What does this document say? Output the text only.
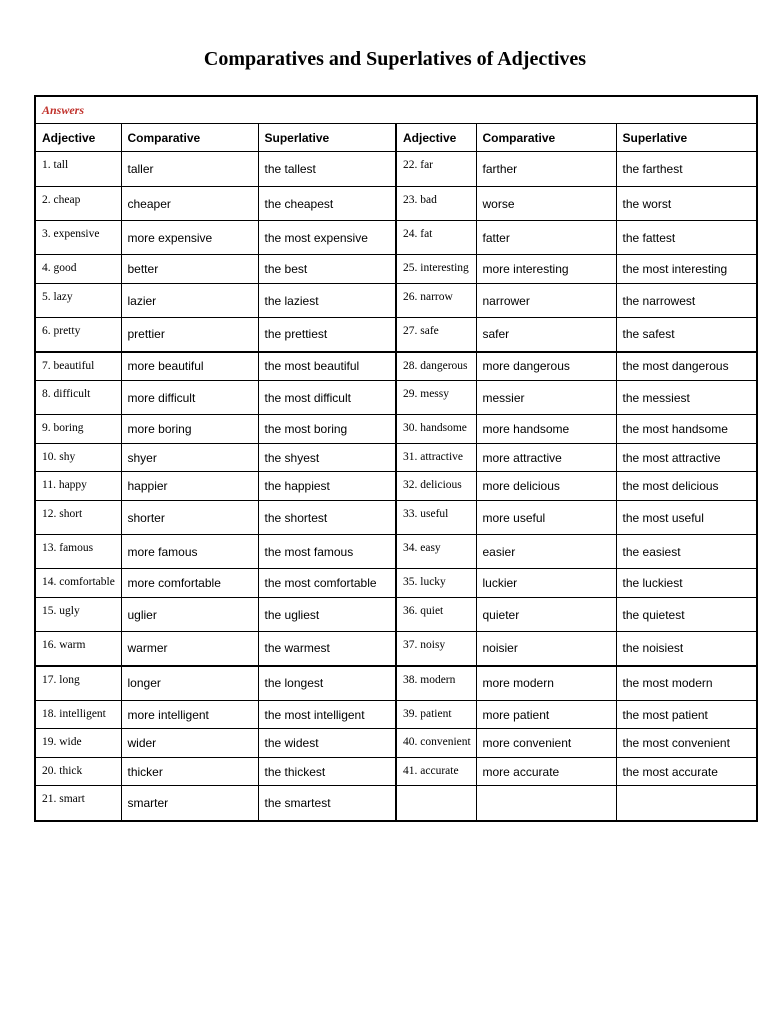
Comparatives and Superlatives of Adjectives
Answers					
Adjective	Comparative	Superlative	Adjective	Comparative	Superlative
1. tall	taller	the tallest	22. far	farther	the farthest
2. cheap	cheaper	the cheapest	23. bad	worse	the worst
3. expensive	more expensive	the most expensive	24. fat	fatter	the fattest
4. good	better	the best	25. interesting	more interesting	the most interesting
5. lazy	lazier	the laziest	26. narrow	narrower	the narrowest
6. pretty	prettier	the prettiest	27. safe	safer	the safest
7. beautiful	more beautiful	the most beautiful	28. dangerous	more dangerous	the most dangerous
8. difficult	more difficult	the most difficult	29. messy	messier	the messiest
9. boring	more boring	the most boring	30. handsome	more handsome	the most handsome
10. shy	shyer	the shyest	31. attractive	more attractive	the most attractive
11. happy	happier	the happiest	32. delicious	more delicious	the most delicious
12. short	shorter	the shortest	33. useful	more useful	the most useful
13. famous	more famous	the most famous	34. easy	easier	the easiest
14. comfortable	more comfortable	the most comfortable	35. lucky	luckier	the luckiest
15. ugly	uglier	the ugliest	36. quiet	quieter	the quietest
16. warm	warmer	the warmest	37. noisy	noisier	the noisiest
17. long	longer	the longest	38. modern	more modern	the most modern
18. intelligent	more intelligent	the most intelligent	39. patient	more patient	the most patient
19. wide	wider	the widest	40. convenient	more convenient	the most convenient
20. thick	thicker	the thickest	41. accurate	more accurate	the most accurate
21. smart	smarter	the smartest			
